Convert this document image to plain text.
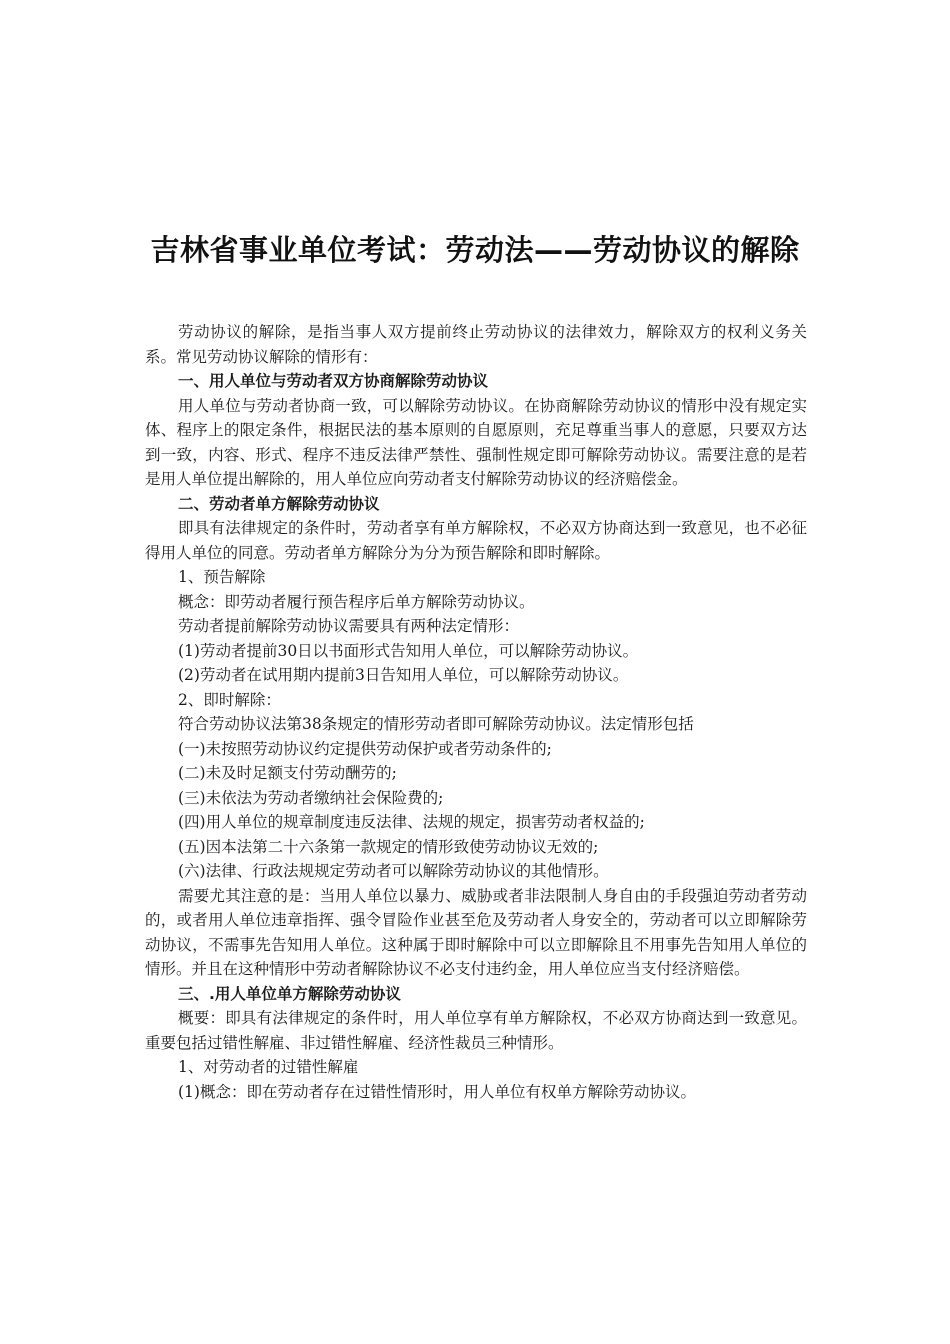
吉林省事业单位考试：劳动法——劳动协议的解除

劳动协议的解除，是指当事人双方提前终止劳动协议的法律效力，解除双方的权利义务关系。常见劳动协议解除的情形有：

一、用人单位与劳动者双方协商解除劳动协议

用人单位与劳动者协商一致，可以解除劳动协议。在协商解除劳动协议的情形中没有规定实体、程序上的限定条件，根据民法的基本原则的自愿原则，充足尊重当事人的意愿，只要双方达到一致，内容、形式、程序不违反法律严禁性、强制性规定即可解除劳动协议。需要注意的是若是用人单位提出解除的，用人单位应向劳动者支付解除劳动协议的经济赔偿金。

二、劳动者单方解除劳动协议

即具有法律规定的条件时，劳动者享有单方解除权，不必双方协商达到一致意见，也不必征得用人单位的同意。劳动者单方解除分为分为预告解除和即时解除。

1、预告解除

概念：即劳动者履行预告程序后单方解除劳动协议。

劳动者提前解除劳动协议需要具有两种法定情形：

(1)劳动者提前30日以书面形式告知用人单位，可以解除劳动协议。

(2)劳动者在试用期内提前3日告知用人单位，可以解除劳动协议。

2、即时解除：

符合劳动协议法第38条规定的情形劳动者即可解除劳动协议。法定情形包括

(一)未按照劳动协议约定提供劳动保护或者劳动条件的;

(二)未及时足额支付劳动酬劳的;

(三)未依法为劳动者缴纳社会保险费的;

(四)用人单位的规章制度违反法律、法规的规定，损害劳动者权益的;

(五)因本法第二十六条第一款规定的情形致使劳动协议无效的;

(六)法律、行政法规规定劳动者可以解除劳动协议的其他情形。

需要尤其注意的是：当用人单位以暴力、威胁或者非法限制人身自由的手段强迫劳动者劳动的，或者用人单位违章指挥、强令冒险作业甚至危及劳动者人身安全的，劳动者可以立即解除劳动协议，不需事先告知用人单位。这种属于即时解除中可以立即解除且不用事先告知用人单位的情形。并且在这种情形中劳动者解除协议不必支付违约金，用人单位应当支付经济赔偿。

三、.用人单位单方解除劳动协议

概要：即具有法律规定的条件时，用人单位享有单方解除权，不必双方协商达到一致意见。重要包括过错性解雇、非过错性解雇、经济性裁员三种情形。

1、对劳动者的过错性解雇

(1)概念：即在劳动者存在过错性情形时，用人单位有权单方解除劳动协议。
